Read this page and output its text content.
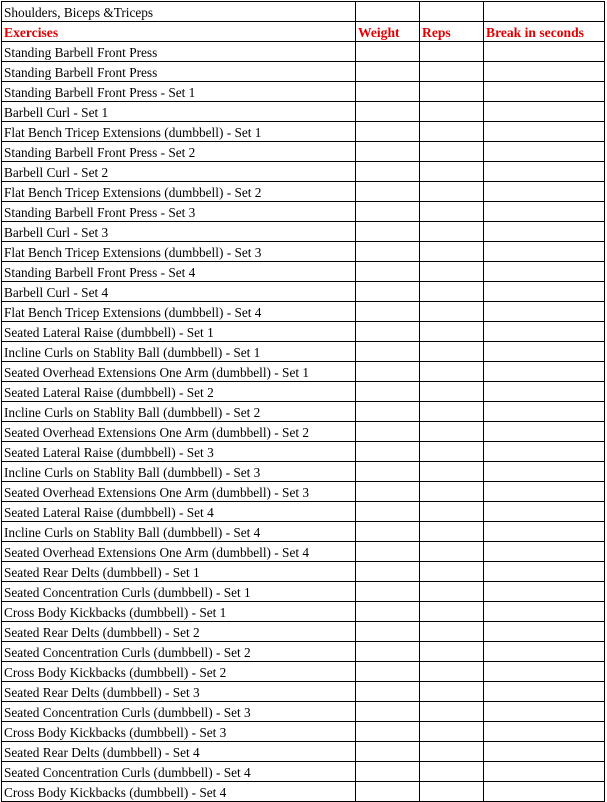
Shoulders, Biceps &Triceps			
Exercises	Weight	Reps	Break in seconds
Standing Barbell Front Press			
Standing Barbell Front Press			
Standing Barbell Front Press - Set 1			
Barbell Curl - Set 1			
Flat Bench Tricep Extensions (dumbbell) - Set 1			
Standing Barbell Front Press - Set 2			
Barbell Curl - Set 2			
Flat Bench Tricep Extensions (dumbbell) - Set 2			
Standing Barbell Front Press - Set 3			
Barbell Curl - Set 3			
Flat Bench Tricep Extensions (dumbbell) - Set 3			
Standing Barbell Front Press - Set 4			
Barbell Curl - Set 4			
Flat Bench Tricep Extensions (dumbbell) - Set 4			
Seated Lateral Raise (dumbbell) - Set 1			
Incline Curls on Stablity Ball (dumbbell) - Set 1			
Seated Overhead Extensions One Arm (dumbbell) - Set 1			
Seated Lateral Raise (dumbbell) - Set 2			
Incline Curls on Stablity Ball (dumbbell) - Set 2			
Seated Overhead Extensions One Arm (dumbbell) - Set 2			
Seated Lateral Raise (dumbbell) - Set 3			
Incline Curls on Stablity Ball (dumbbell) - Set 3			
Seated Overhead Extensions One Arm (dumbbell) - Set 3			
Seated Lateral Raise (dumbbell) - Set 4			
Incline Curls on Stablity Ball (dumbbell) - Set 4			
Seated Overhead Extensions One Arm (dumbbell) - Set 4			
Seated Rear Delts (dumbbell) - Set 1			
Seated Concentration Curls (dumbbell) - Set 1			
Cross Body Kickbacks (dumbbell) - Set 1			
Seated Rear Delts (dumbbell) - Set 2			
Seated Concentration Curls (dumbbell) - Set 2			
Cross Body Kickbacks (dumbbell) - Set 2			
Seated Rear Delts (dumbbell) - Set 3			
Seated Concentration Curls (dumbbell) - Set 3			
Cross Body Kickbacks (dumbbell) - Set 3			
Seated Rear Delts (dumbbell) - Set 4			
Seated Concentration Curls (dumbbell) - Set 4			
Cross Body Kickbacks (dumbbell) - Set 4			
